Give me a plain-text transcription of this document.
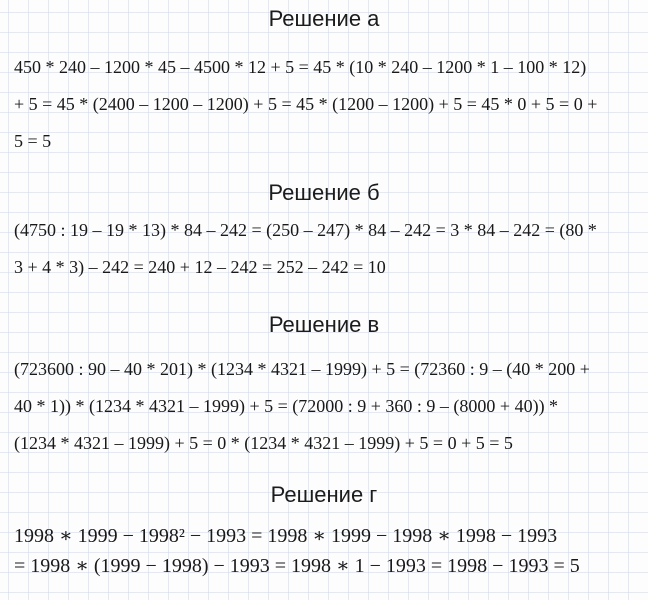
Решение а
450 * 240 – 1200 * 45 – 4500 * 12 + 5 = 45 * (10 * 240 – 1200 * 1 – 100 * 12)
+ 5 = 45 * (2400 – 1200 – 1200) + 5 = 45 * (1200 – 1200) + 5 = 45 * 0 + 5 = 0 +
5 = 5
Решение б
(4750 : 19 – 19 * 13) * 84 – 242 = (250 – 247) * 84 – 242 = 3 * 84 – 242 = (80 *
3 + 4 * 3) – 242 = 240 + 12 – 242 = 252 – 242 = 10
Решение в
(723600 : 90 – 40 * 201) * (1234 * 4321 – 1999) + 5 = (72360 : 9 – (40 * 200 +
40 * 1)) * (1234 * 4321 – 1999) + 5 = (72000 : 9 + 360 : 9 – (8000 + 40)) *
(1234 * 4321 – 1999) + 5 = 0 * (1234 * 4321 – 1999) + 5 = 0 + 5 = 5
Решение г
1998 ∗ 1999 − 1998² − 1993 = 1998 ∗ 1999 − 1998 ∗ 1998 − 1993
= 1998 ∗ (1999 − 1998) − 1993 = 1998 ∗ 1 − 1993 = 1998 − 1993 = 5
